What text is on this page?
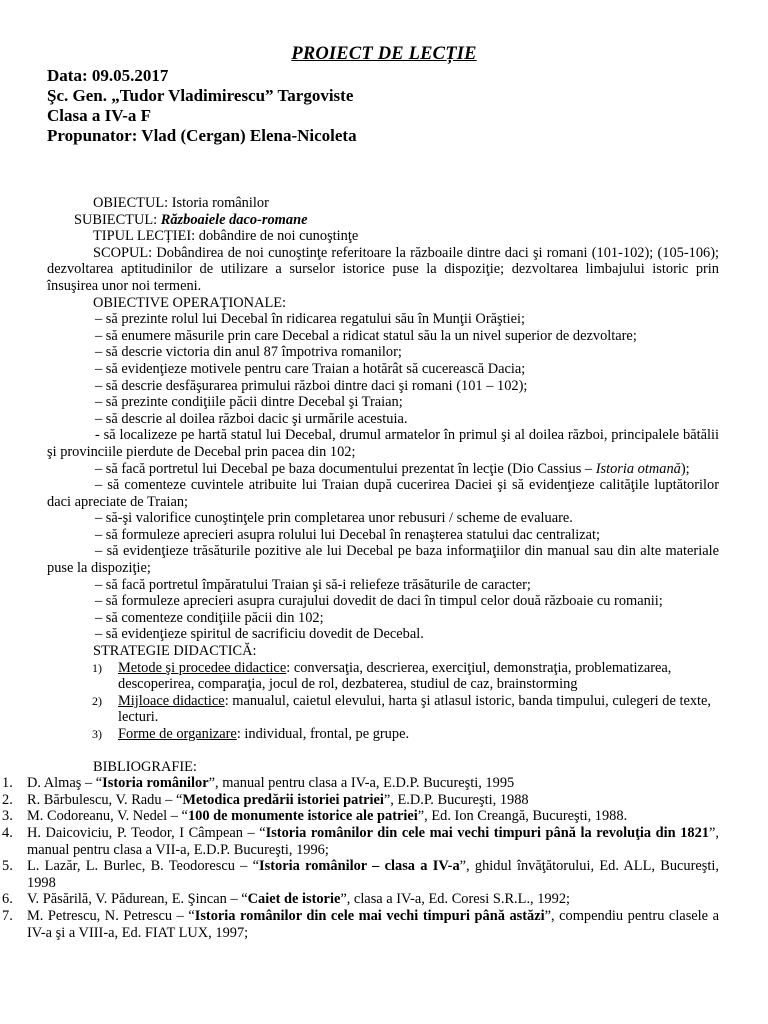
PROIECT DE LECȚIE
Data: 09.05.2017
Şc. Gen. „Tudor Vladimirescu” Targoviste
Clasa a IV-a F
Propunator: Vlad (Cergan) Elena-Nicoleta

OBIECTUL: Istoria românilor

SUBIECTUL: Războaiele daco-romane

TIPUL LECȚIEI: dobândire de noi cunoştinţe

SCOPUL: Dobândirea de noi cunoştinţe referitoare la războaile dintre daci şi romani (101-102); (105-106); dezvoltarea aptitudinilor de utilizare a surselor istorice puse la dispoziţie; dezvoltarea limbajului istoric prin însuşirea unor noi termeni.

OBIECTIVE OPERAŢIONALE:

– să prezinte rolul lui Decebal în ridicarea regatului său în Munţii Orăştiei;

– să enumere măsurile prin care Decebal a ridicat statul său la un nivel superior de dezvoltare;

– să descrie victoria din anul 87 împotriva romanilor;

– să evidenţieze motivele pentru care Traian a hotărât să cucerească Dacia;

– să descrie desfăşurarea primului război dintre daci şi romani (101 – 102);

– să prezinte condiţiile păcii dintre Decebal şi Traian;

– să descrie al doilea război dacic şi urmările acestuia.

- să localizeze pe hartă statul lui Decebal, drumul armatelor în primul şi al doilea război, principalele bătălii şi provinciile pierdute de Decebal prin pacea din 102;

– să facă portretul lui Decebal pe baza documentului prezentat în lecţie (Dio Cassius – Istoria otmană);

– să comenteze cuvintele atribuite lui Traian după cucerirea Daciei şi să evidenţieze calităţile luptătorilor daci apreciate de Traian;

– să-şi valorifice cunoştinţele prin completarea unor rebusuri / scheme de evaluare.

– să formuleze aprecieri asupra rolului lui Decebal în renaşterea statului dac centralizat;

– să evidenţieze trăsăturile pozitive ale lui Decebal pe baza informaţiilor din manual sau din alte materiale puse la dispoziţie;

– să facă portretul împăratului Traian şi să-i reliefeze trăsăturile de caracter;

– să formuleze aprecieri asupra curajului dovedit de daci în timpul celor două războaie cu romanii;

– să comenteze condiţiile păcii din 102;

– să evidenţieze spiritul de sacrificiu dovedit de Decebal.

STRATEGIE DIDACTICĂ:

1) Metode şi procedee didactice: conversaţia, descrierea, exerciţiul, demonstraţia, problematizarea, descoperirea, comparaţia, jocul de rol, dezbaterea, studiul de caz, brainstorming
2) Mijloace didactice: manualul, caietul elevului, harta şi atlasul istoric, banda timpului, culegeri de texte, lecturi.
3) Forme de organizare: individual, frontal, pe grupe.

BIBLIOGRAFIE:

1. D. Almaş – “Istoria românilor”, manual pentru clasa a IV-a, E.D.P. Bucureşti, 1995
2. R. Bărbulescu, V. Radu – “Metodica predării istoriei patriei”, E.D.P. Bucureşti, 1988
3. M. Codoreanu, V. Nedel – “100 de monumente istorice ale patriei”, Ed. Ion Creangă, Bucureşti, 1988.
4. H. Daicoviciu, P. Teodor, I Câmpean – “Istoria românilor din cele mai vechi timpuri până la revoluţia din 1821”, manual pentru clasa a VII-a, E.D.P. Bucureşti, 1996;
5. L. Lazăr, L. Burlec, B. Teodorescu – “Istoria românilor – clasa a IV-a”, ghidul învăţătorului, Ed. ALL, Bucureşti, 1998
6. V. Păsărilă, V. Pădurean, E. Şincan – “Caiet de istorie”, clasa a IV-a, Ed. Coresi S.R.L., 1992;
7. M. Petrescu, N. Petrescu – “Istoria românilor din cele mai vechi timpuri până astăzi”, compendiu pentru clasele a IV-a şi a VIII-a, Ed. FIAT LUX, 1997;
